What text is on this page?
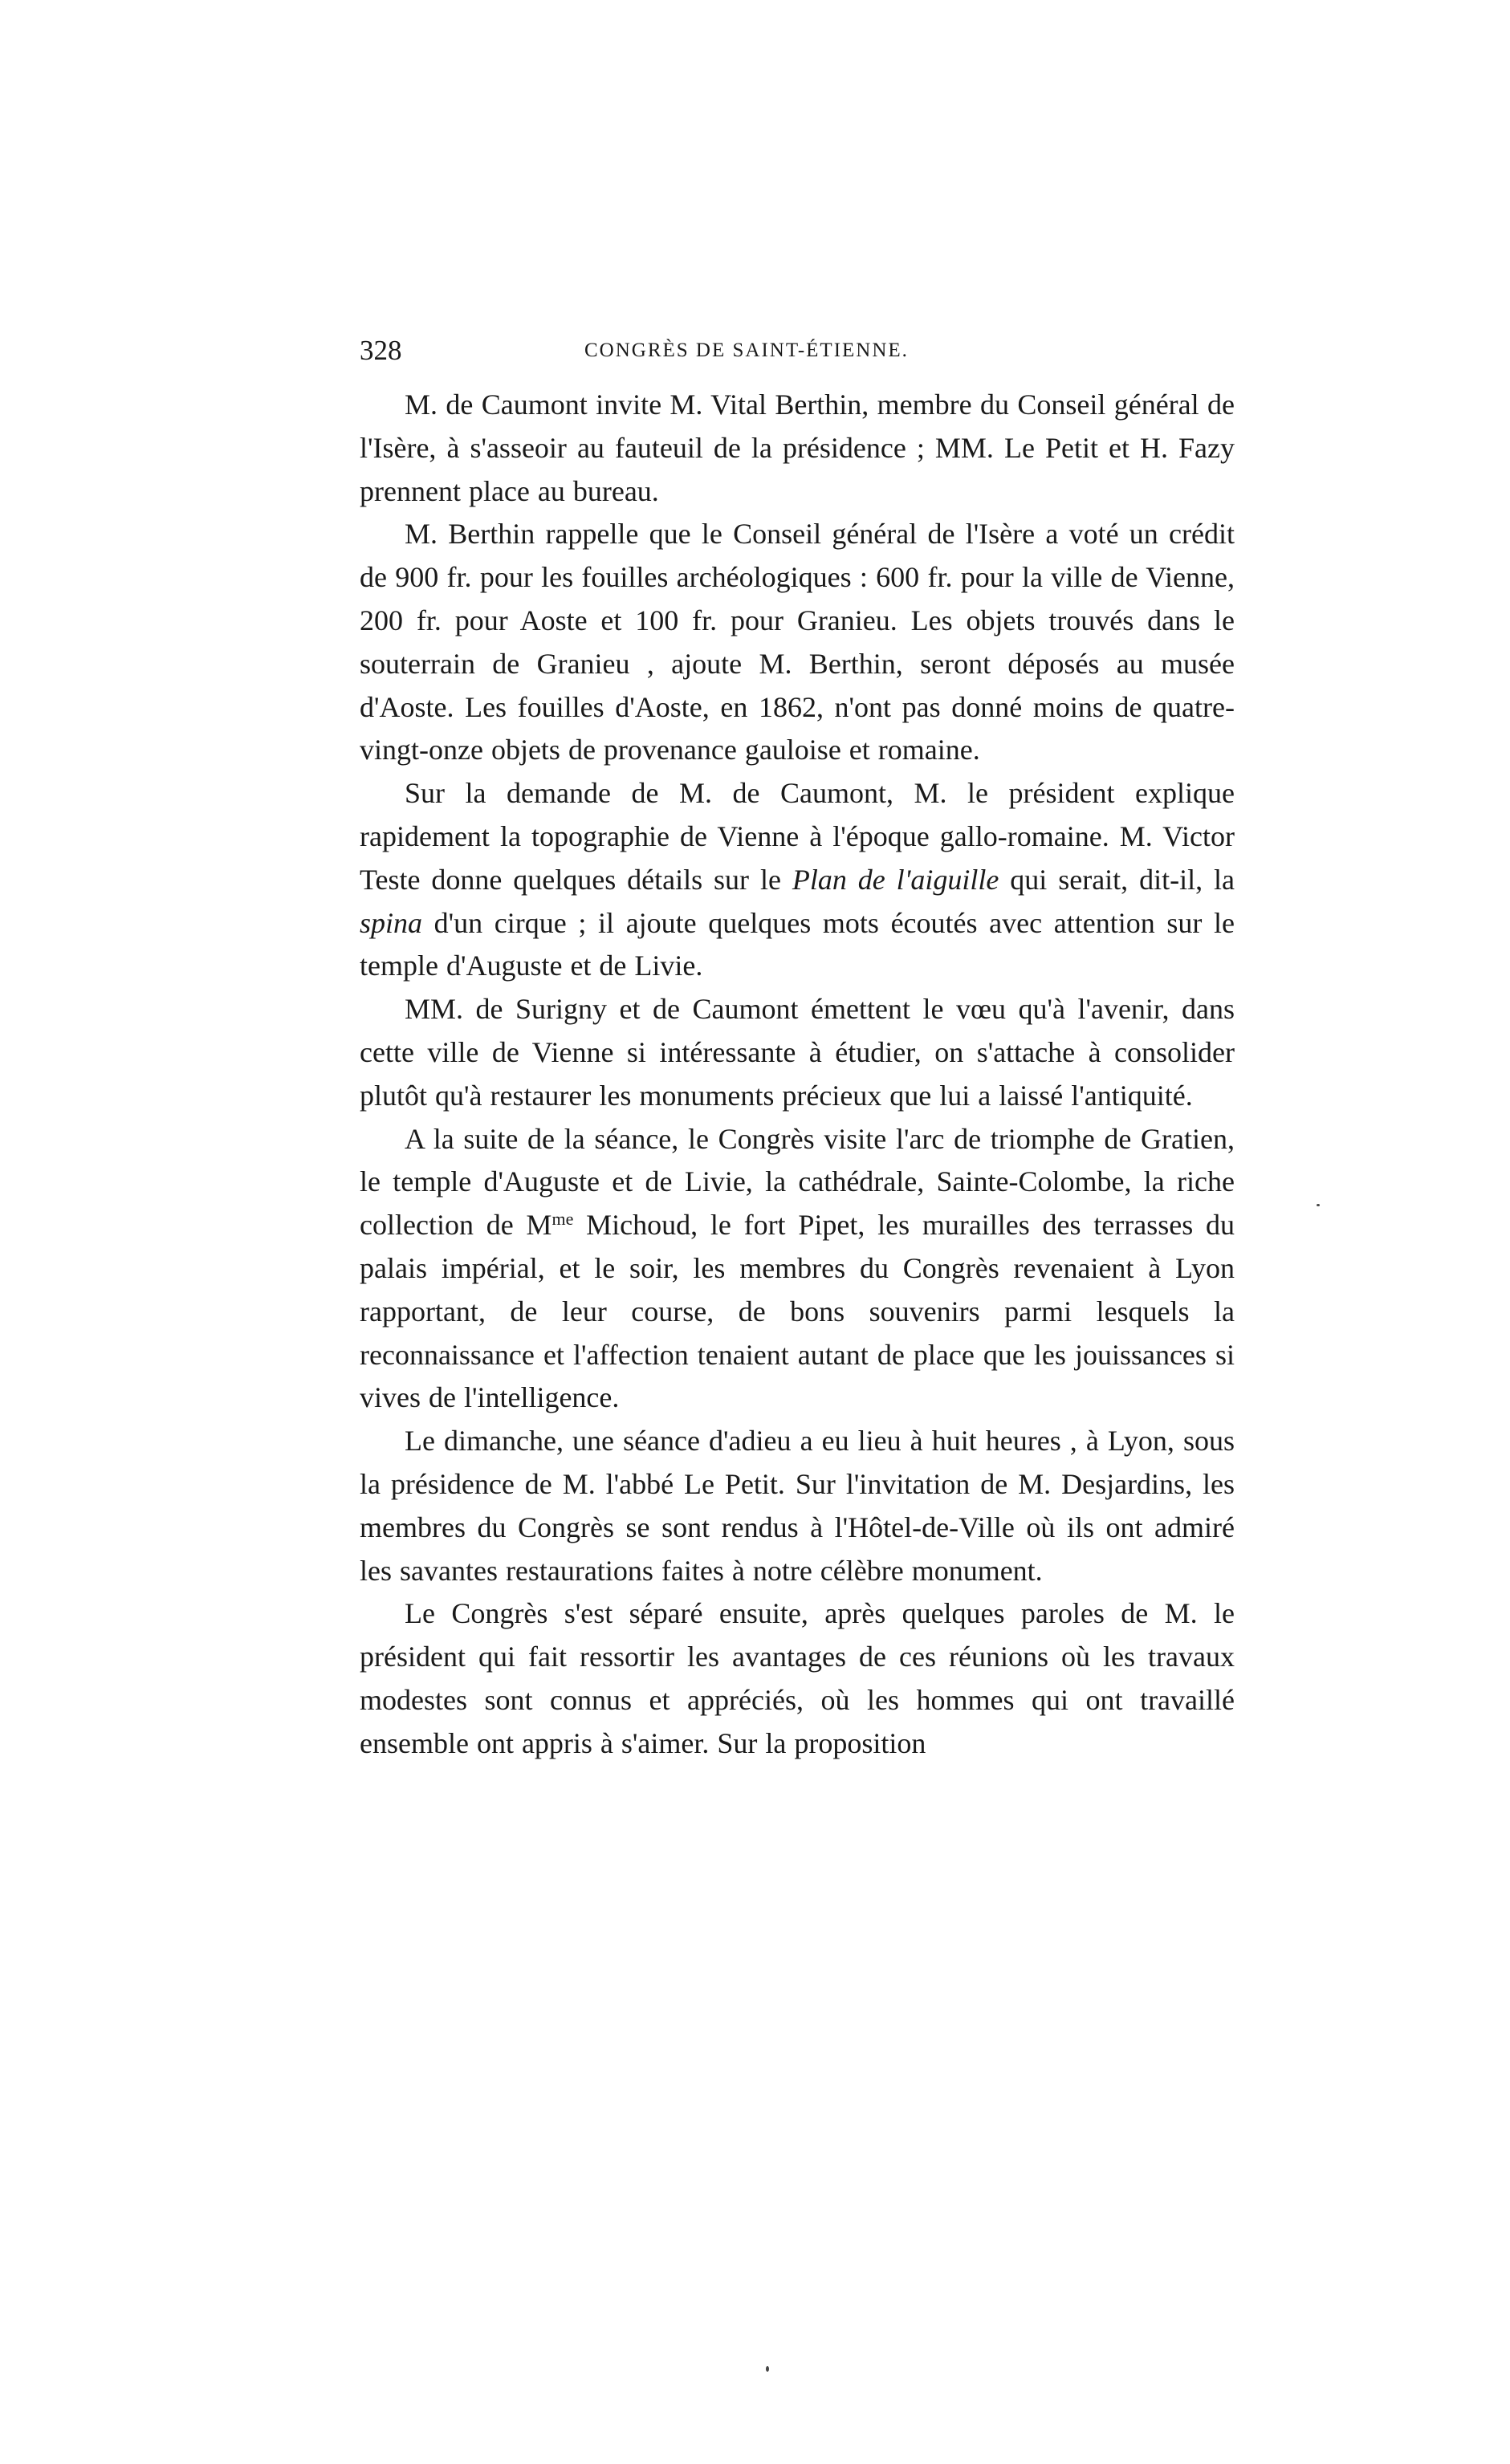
328	CONGRÈS DE SAINT-ÉTIENNE.

M. de Caumont invite M. Vital Berthin, membre du Conseil général de l'Isère, à s'asseoir au fauteuil de la présidence ; MM. Le Petit et H. Fazy prennent place au bureau.

M. Berthin rappelle que le Conseil général de l'Isère a voté un crédit de 900 fr. pour les fouilles archéologiques : 600 fr. pour la ville de Vienne, 200 fr. pour Aoste et 100 fr. pour Granieu. Les objets trouvés dans le souterrain de Granieu , ajoute M. Berthin, seront déposés au musée d'Aoste. Les fouilles d'Aoste, en 1862, n'ont pas donné moins de quatre-vingt-onze objets de provenance gauloise et romaine.

Sur la demande de M. de Caumont, M. le président explique rapidement la topographie de Vienne à l'époque gallo-romaine. M. Victor Teste donne quelques détails sur le Plan de l'aiguille qui serait, dit-il, la spina d'un cirque ; il ajoute quelques mots écoutés avec attention sur le temple d'Auguste et de Livie.

MM. de Surigny et de Caumont émettent le vœu qu'à l'avenir, dans cette ville de Vienne si intéressante à étudier, on s'attache à consolider plutôt qu'à restaurer les monuments précieux que lui a laissé l'antiquité.

A la suite de la séance, le Congrès visite l'arc de triomphe de Gratien, le temple d'Auguste et de Livie, la cathédrale, Sainte-Colombe, la riche collection de $M^{me}$ Michoud, le fort Pipet, les murailles des terrasses du palais impérial, et le soir, les membres du Congrès revenaient à Lyon rapportant, de leur course, de bons souvenirs parmi lesquels la reconnaissance et l'affection tenaient autant de place que les jouissances si vives de l'intelligence.

Le dimanche, une séance d'adieu a eu lieu à huit heures , à Lyon, sous la présidence de M. l'abbé Le Petit. Sur l'invitation de M. Desjardins, les membres du Congrès se sont rendus à l'Hôtel-de-Ville où ils ont admiré les savantes restaurations faites à notre célèbre monument.

Le Congrès s'est séparé ensuite, après quelques paroles de M. le président qui fait ressortir les avantages de ces réunions où les travaux modestes sont connus et appréciés, où les hommes qui ont travaillé ensemble ont appris à s'aimer. Sur la proposition
